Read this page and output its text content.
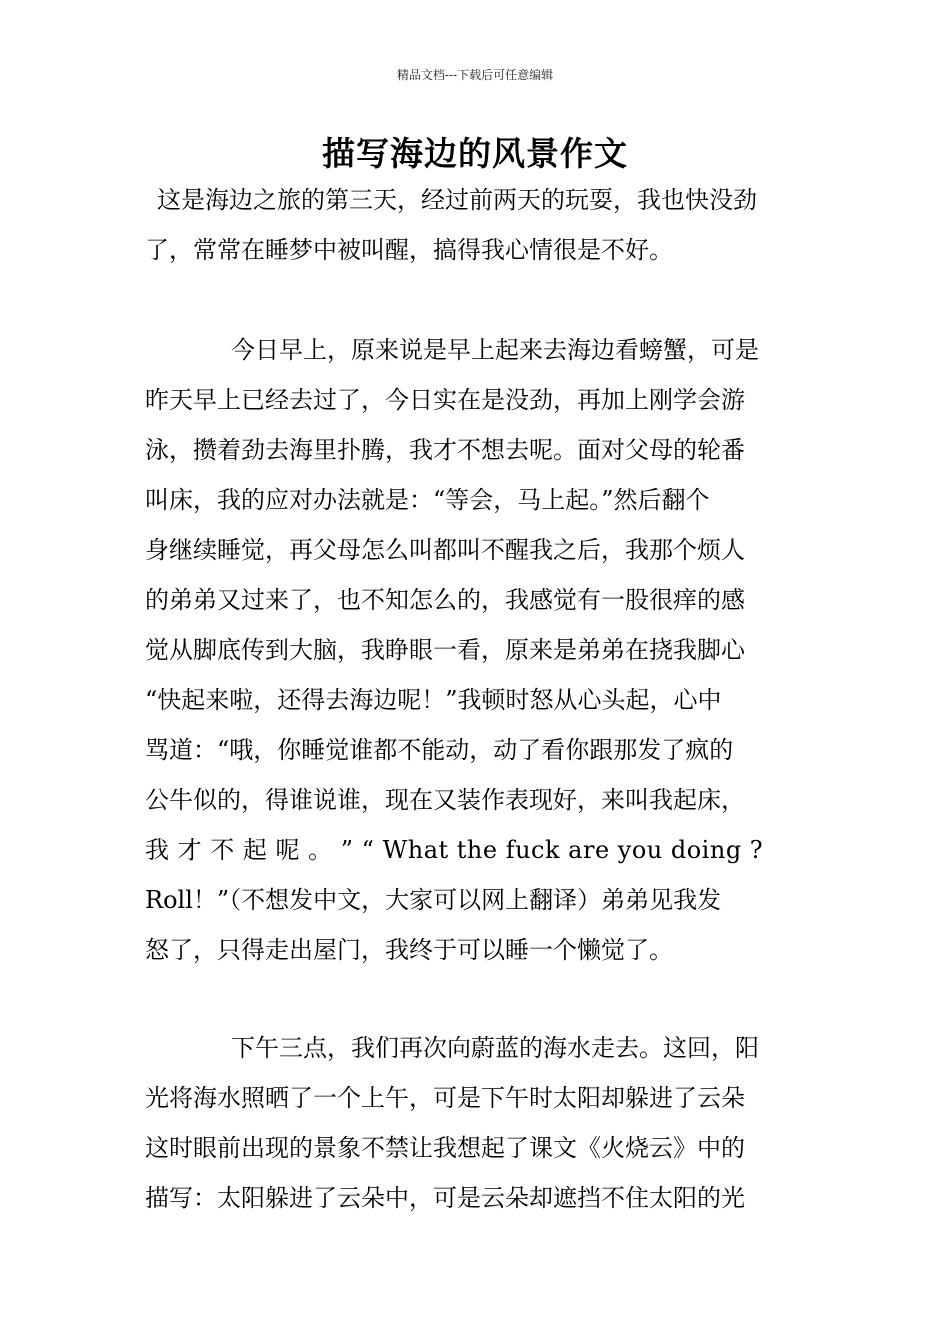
精品文档---下载后可任意编辑
描写海边的风景作文
这是海边之旅的第三天，经过前两天的玩耍，我也快没劲
了，常常在睡梦中被叫醒，搞得我心情很是不好。
今日早上，原来说是早上起来去海边看螃蟹，可是
昨天早上已经去过了，今日实在是没劲，再加上刚学会游
泳，攒着劲去海里扑腾，我才不想去呢。面对父母的轮番
叫床，我的应对办法就是：“等会，马上起。”然后翻个
身继续睡觉，再父母怎么叫都叫不醒我之后，我那个烦人
的弟弟又过来了，也不知怎么的，我感觉有一股很痒的感
觉从脚底传到大脑，我睁眼一看，原来是弟弟在挠我脚心
“快起来啦，还得去海边呢！”我顿时怒从心头起，心中
骂道：“哦，你睡觉谁都不能动，动了看你跟那发了疯的
公牛似的，得谁说谁，现在又装作表现好，来叫我起床，
我 才 不 起 呢 。 ” “ What the fuck are you doing ?
Roll！”（不想发中文，大家可以网上翻译）弟弟见我发
怒了，只得走出屋门，我终于可以睡一个懒觉了。
下午三点，我们再次向蔚蓝的海水走去。这回，阳
光将海水照晒了一个上午，可是下午时太阳却躲进了云朵
这时眼前出现的景象不禁让我想起了课文《火烧云》中的
描写：太阳躲进了云朵中，可是云朵却遮挡不住太阳的光
